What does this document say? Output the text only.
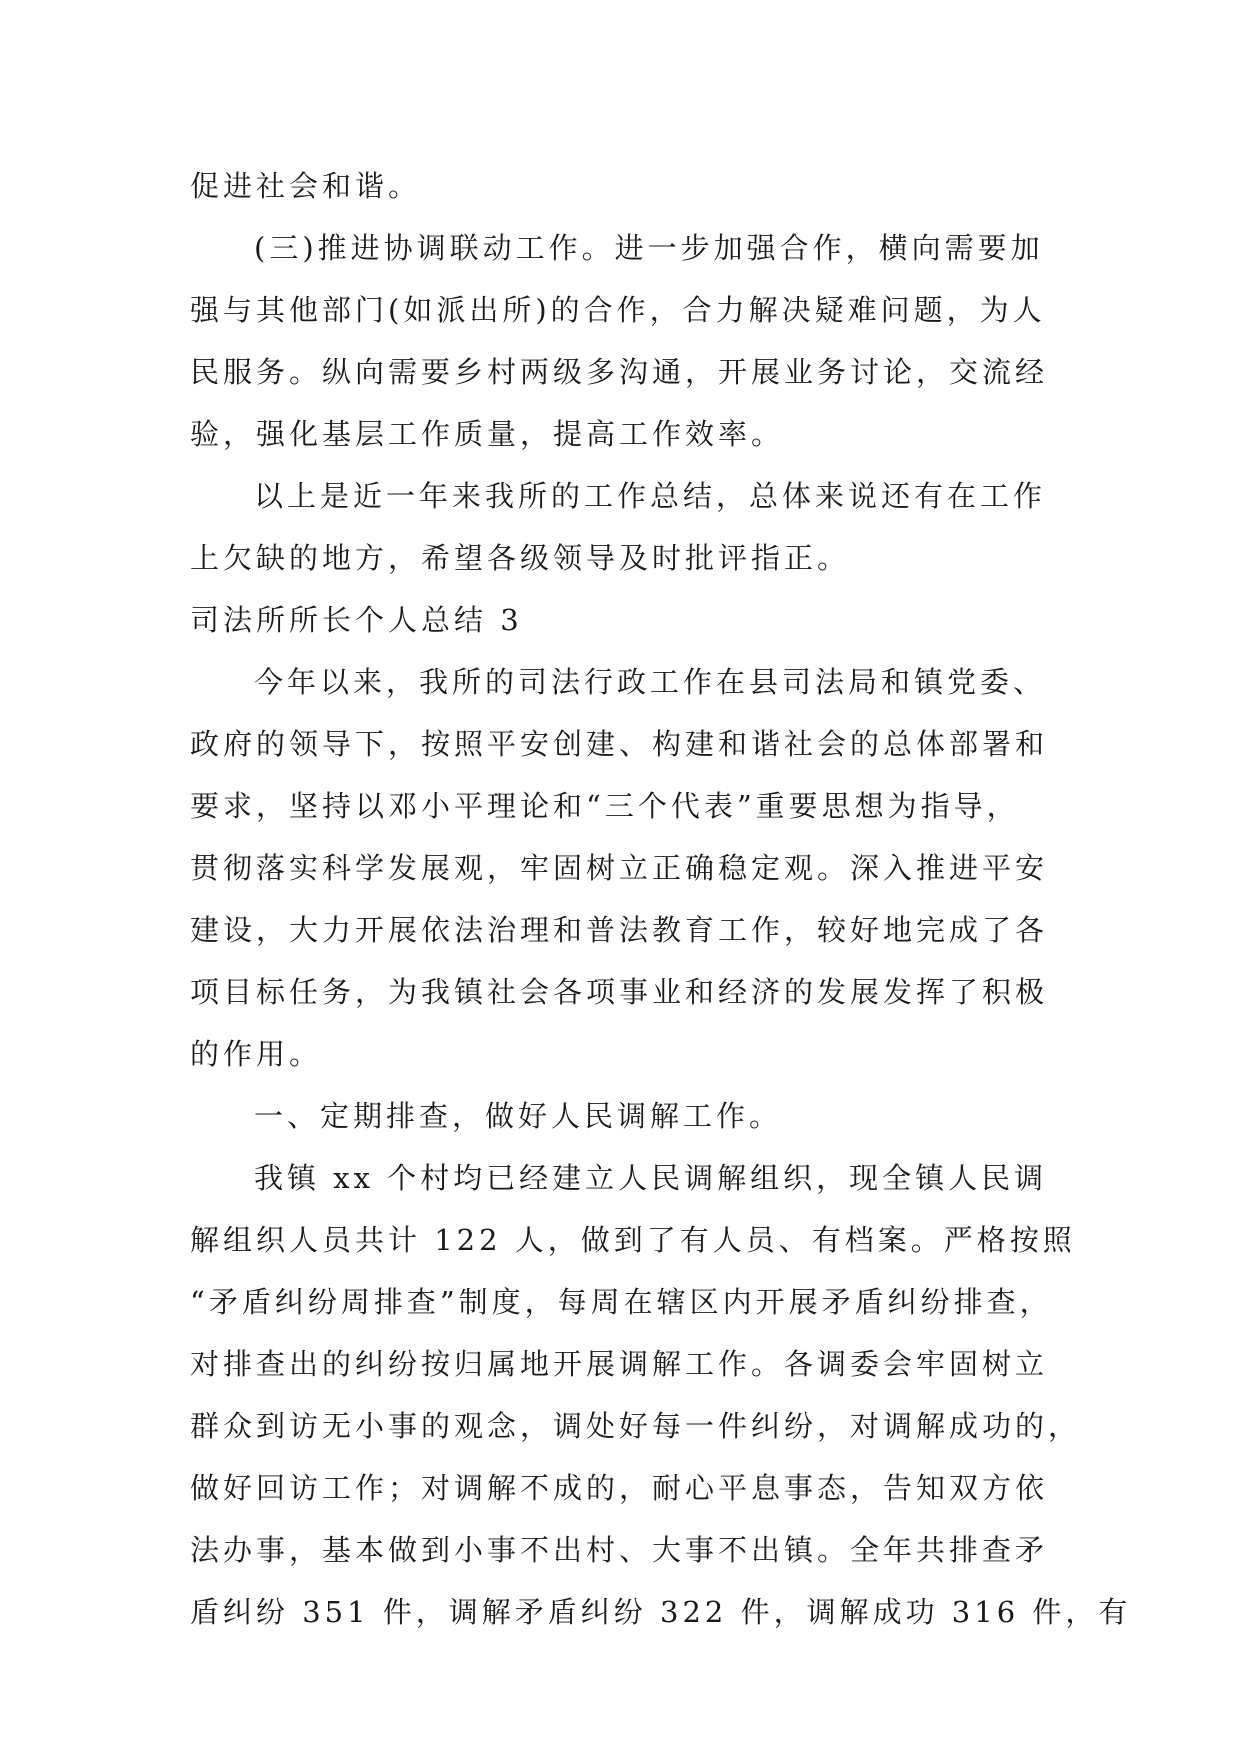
促进社会和谐。
(三)推进协调联动工作。进一步加强合作，横向需要加
强与其他部门(如派出所)的合作，合力解决疑难问题，为人
民服务。纵向需要乡村两级多沟通，开展业务讨论，交流经
验，强化基层工作质量，提高工作效率。
以上是近一年来我所的工作总结，总体来说还有在工作
上欠缺的地方，希望各级领导及时批评指正。
司法所所长个人总结 3
今年以来，我所的司法行政工作在县司法局和镇党委、
政府的领导下，按照平安创建、构建和谐社会的总体部署和
要求，坚持以邓小平理论和“三个代表”重要思想为指导，
贯彻落实科学发展观，牢固树立正确稳定观。深入推进平安
建设，大力开展依法治理和普法教育工作，较好地完成了各
项目标任务，为我镇社会各项事业和经济的发展发挥了积极
的作用。
一、定期排查，做好人民调解工作。
我镇 xx 个村均已经建立人民调解组织，现全镇人民调
解组织人员共计 122 人，做到了有人员、有档案。严格按照
“矛盾纠纷周排查”制度，每周在辖区内开展矛盾纠纷排查，
对排查出的纠纷按归属地开展调解工作。各调委会牢固树立
群众到访无小事的观念，调处好每一件纠纷，对调解成功的，
做好回访工作；对调解不成的，耐心平息事态，告知双方依
法办事，基本做到小事不出村、大事不出镇。全年共排查矛
盾纠纷 351 件，调解矛盾纠纷 322 件，调解成功 316 件，有
